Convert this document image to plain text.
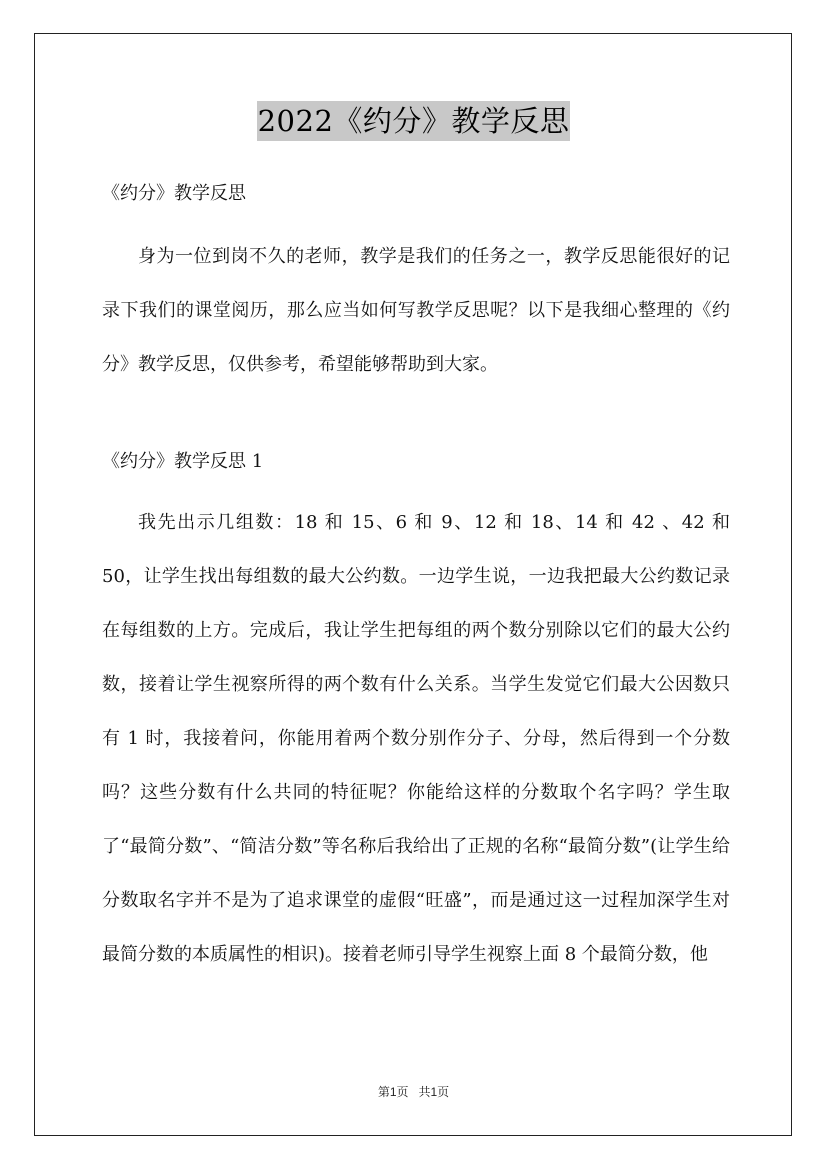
2022《约分》教学反思

《约分》教学反思

身为一位到岗不久的老师，教学是我们的任务之一，教学反思能很好的记录下我们的课堂阅历，那么应当如何写教学反思呢？以下是我细心整理的《约分》教学反思，仅供参考，希望能够帮助到大家。

《约分》教学反思 1

我先出示几组数：18 和 15、6 和 9、12 和 18、14 和 42 、42 和 50，让学生找出每组数的最大公约数。一边学生说，一边我把最大公约数记录在每组数的上方。完成后，我让学生把每组的两个数分别除以它们的最大公约数，接着让学生视察所得的两个数有什么关系。当学生发觉它们最大公因数只有 1 时，我接着问，你能用着两个数分别作分子、分母，然后得到一个分数吗？这些分数有什么共同的特征呢？你能给这样的分数取个名字吗？学生取了“最简分数”、“简洁分数”等名称后我给出了正规的名称“最简分数”(让学生给分数取名字并不是为了追求课堂的虚假“旺盛”，而是通过这一过程加深学生对最简分数的本质属性的相识)。接着老师引导学生视察上面 8 个最简分数，他

第1页 共1页
